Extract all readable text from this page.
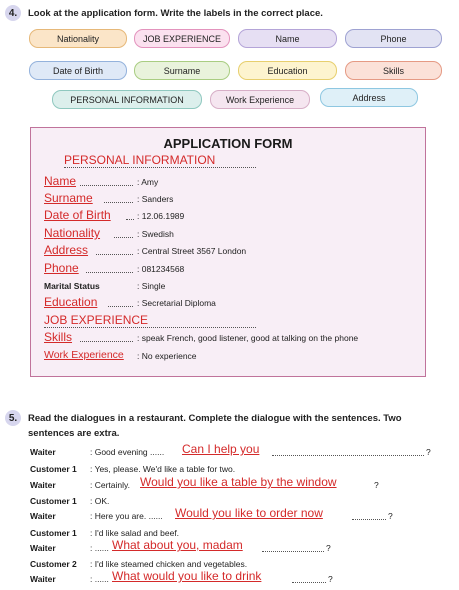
4.	Look at the application form. Write the labels in the correct place.
Nationality	JOB EXPERIENCE	Name	Phone
Date of Birth	Surname	Education	Skills
PERSONAL INFORMATION	Work Experience	Address
APPLICATION FORM
PERSONAL INFORMATION
Name	: Amy
Surname	: Sanders
Date of Birth	: 12.06.1989
Nationality	: Swedish
Address	: Central Street 3567 London
Phone	: 081234568
Marital Status	: Single
Education	: Secretarial Diploma
JOB EXPERIENCE
Skills	: speak French, good listener, good at talking on the phone
Work Experience : No experience
5.	Read the dialogues in a restaurant. Complete the dialogue with the sentences. Two
sentences are extra.
Waiter	: Good evening ...... Can I help you	?
Customer 1 : Yes, please. We'd like a table for two.
Waiter	: Certainly. Would you like a table by the window	?
Customer 1 : OK.
Waiter	: Here you are. ...... Would you like to order now	?
Customer 1 : I'd like salad and beef.
Waiter	: ...... What about you, madam	?
Customer 2 : I'd like steamed chicken and vegetables.
Waiter	: ...... What would you like to drink	?
